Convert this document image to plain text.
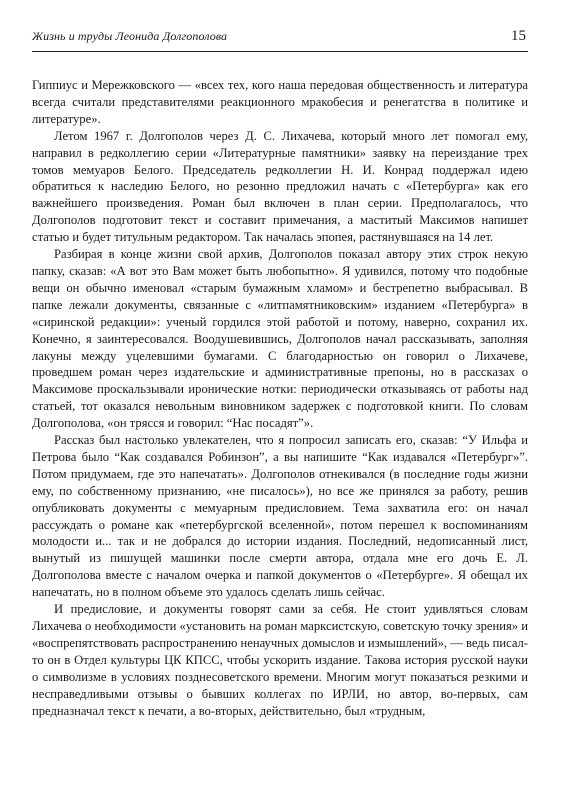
Жизнь и труды Леонида Долгополова	15

Гиппиус и Мережковского — «всех тех, кого наша передовая общественность и литература всегда считали представителями реакционного мракобесия и ренегатства в политике и литературе».

Летом 1967 г. Долгополов через Д. С. Лихачева, который много лет помогал ему, направил в редколлегию серии «Литературные памятники» заявку на переиздание трех томов мемуаров Белого. Председатель редколлегии Н. И. Конрад поддержал идею обратиться к наследию Белого, но резонно предложил начать с «Петербурга» как его важнейшего произведения. Роман был включен в план серии. Предполагалось, что Долгополов подготовит текст и составит примечания, а маститый Максимов напишет статью и будет титульным редактором. Так началась эпопея, растянувшаяся на 14 лет.

Разбирая в конце жизни свой архив, Долгополов показал автору этих строк некую папку, сказав: «А вот это Вам может быть любопытно». Я удивился, потому что подобные вещи он обычно именовал «старым бумажным хламом» и бестрепетно выбрасывал. В папке лежали документы, связанные с «литпамятниковским» изданием «Петербурга» в «сиринской редакции»: ученый гордился этой работой и потому, наверно, сохранил их. Конечно, я заинтересовался. Воодушевившись, Долгополов начал рассказывать, заполняя лакуны между уцелевшими бумагами. С благодарностью он говорил о Лихачеве, проведшем роман через издательские и административные препоны, но в рассказах о Максимове проскальзывали иронические нотки: периодически отказываясь от работы над статьей, тот оказался невольным виновником задержек с подготовкой книги. По словам Долгополова, «он трясся и говорил: “Нас посадят”».

Рассказ был настолько увлекателен, что я попросил записать его, сказав: “У Ильфа и Петрова было “Как создавался Робинзон”, а вы напишите “Как издавался «Петербург»”. Потом придумаем, где это напечатать». Долгополов отнекивался (в последние годы жизни ему, по собственному признанию, «не писалось»), но все же принялся за работу, решив опубликовать документы с мемуарным предисловием. Тема захватила его: он начал рассуждать о романе как «петербургской вселенной», потом перешел к воспоминаниям молодости и... так и не добрался до истории издания. Последний, недописанный лист, вынутый из пишущей машинки после смерти автора, отдала мне его дочь Е. Л. Долгополова вместе с началом очерка и папкой документов о «Петербурге». Я обещал их напечатать, но в полном объеме это удалось сделать лишь сейчас.

И предисловие, и документы говорят сами за себя. Не стоит удивляться словам Лихачева о необходимости «установить на роман марксистскую, советскую точку зрения» и «воспрепятствовать распространению ненаучных домыслов и измышлений», — ведь писал-то он в Отдел культуры ЦК КПСС, чтобы ускорить издание. Такова история русской науки о символизме в условиях позднесоветского времени. Многим могут показаться резкими и несправедливыми отзывы о бывших коллегах по ИРЛИ, но автор, во-первых, сам предназначал текст к печати, а во-вторых, действительно, был «трудным,
